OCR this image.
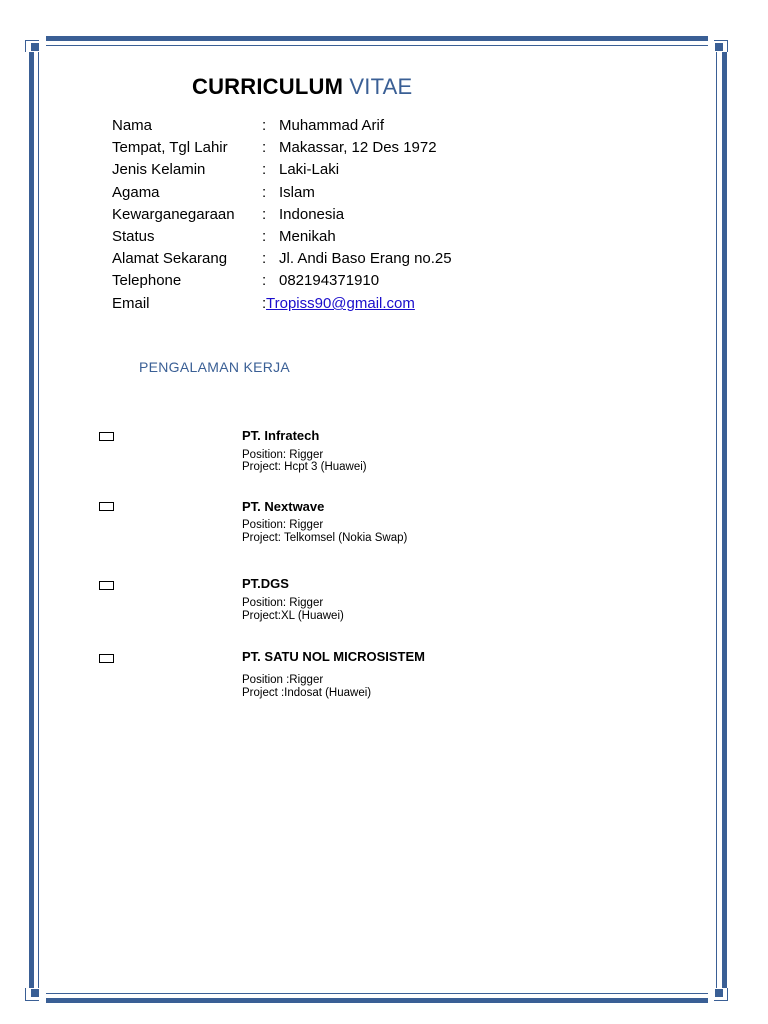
CURRICULUM VITAE
Nama	: Muhammad Arif
Tempat, Tgl Lahir : Makassar, 12 Des 1972
Jenis Kelamin	: Laki-Laki
Agama	: Islam
Kewarganegaraan : Indonesia
Status	: Menikah
Alamat Sekarang : Jl. Andi Baso Erang no.25
Telephone	: 082194371910
Email	: Tropiss90@gmail.com
PENGALAMAN KERJA
PT. Infratech
Position: Rigger
Project: Hcpt 3 (Huawei)
PT. Nextwave
Position: Rigger
Project: Telkomsel (Nokia Swap)
PT.DGS
Position: Rigger
Project:XL (Huawei)
PT. SATU NOL MICROSISTEM
Position :Rigger
Project :Indosat (Huawei)
